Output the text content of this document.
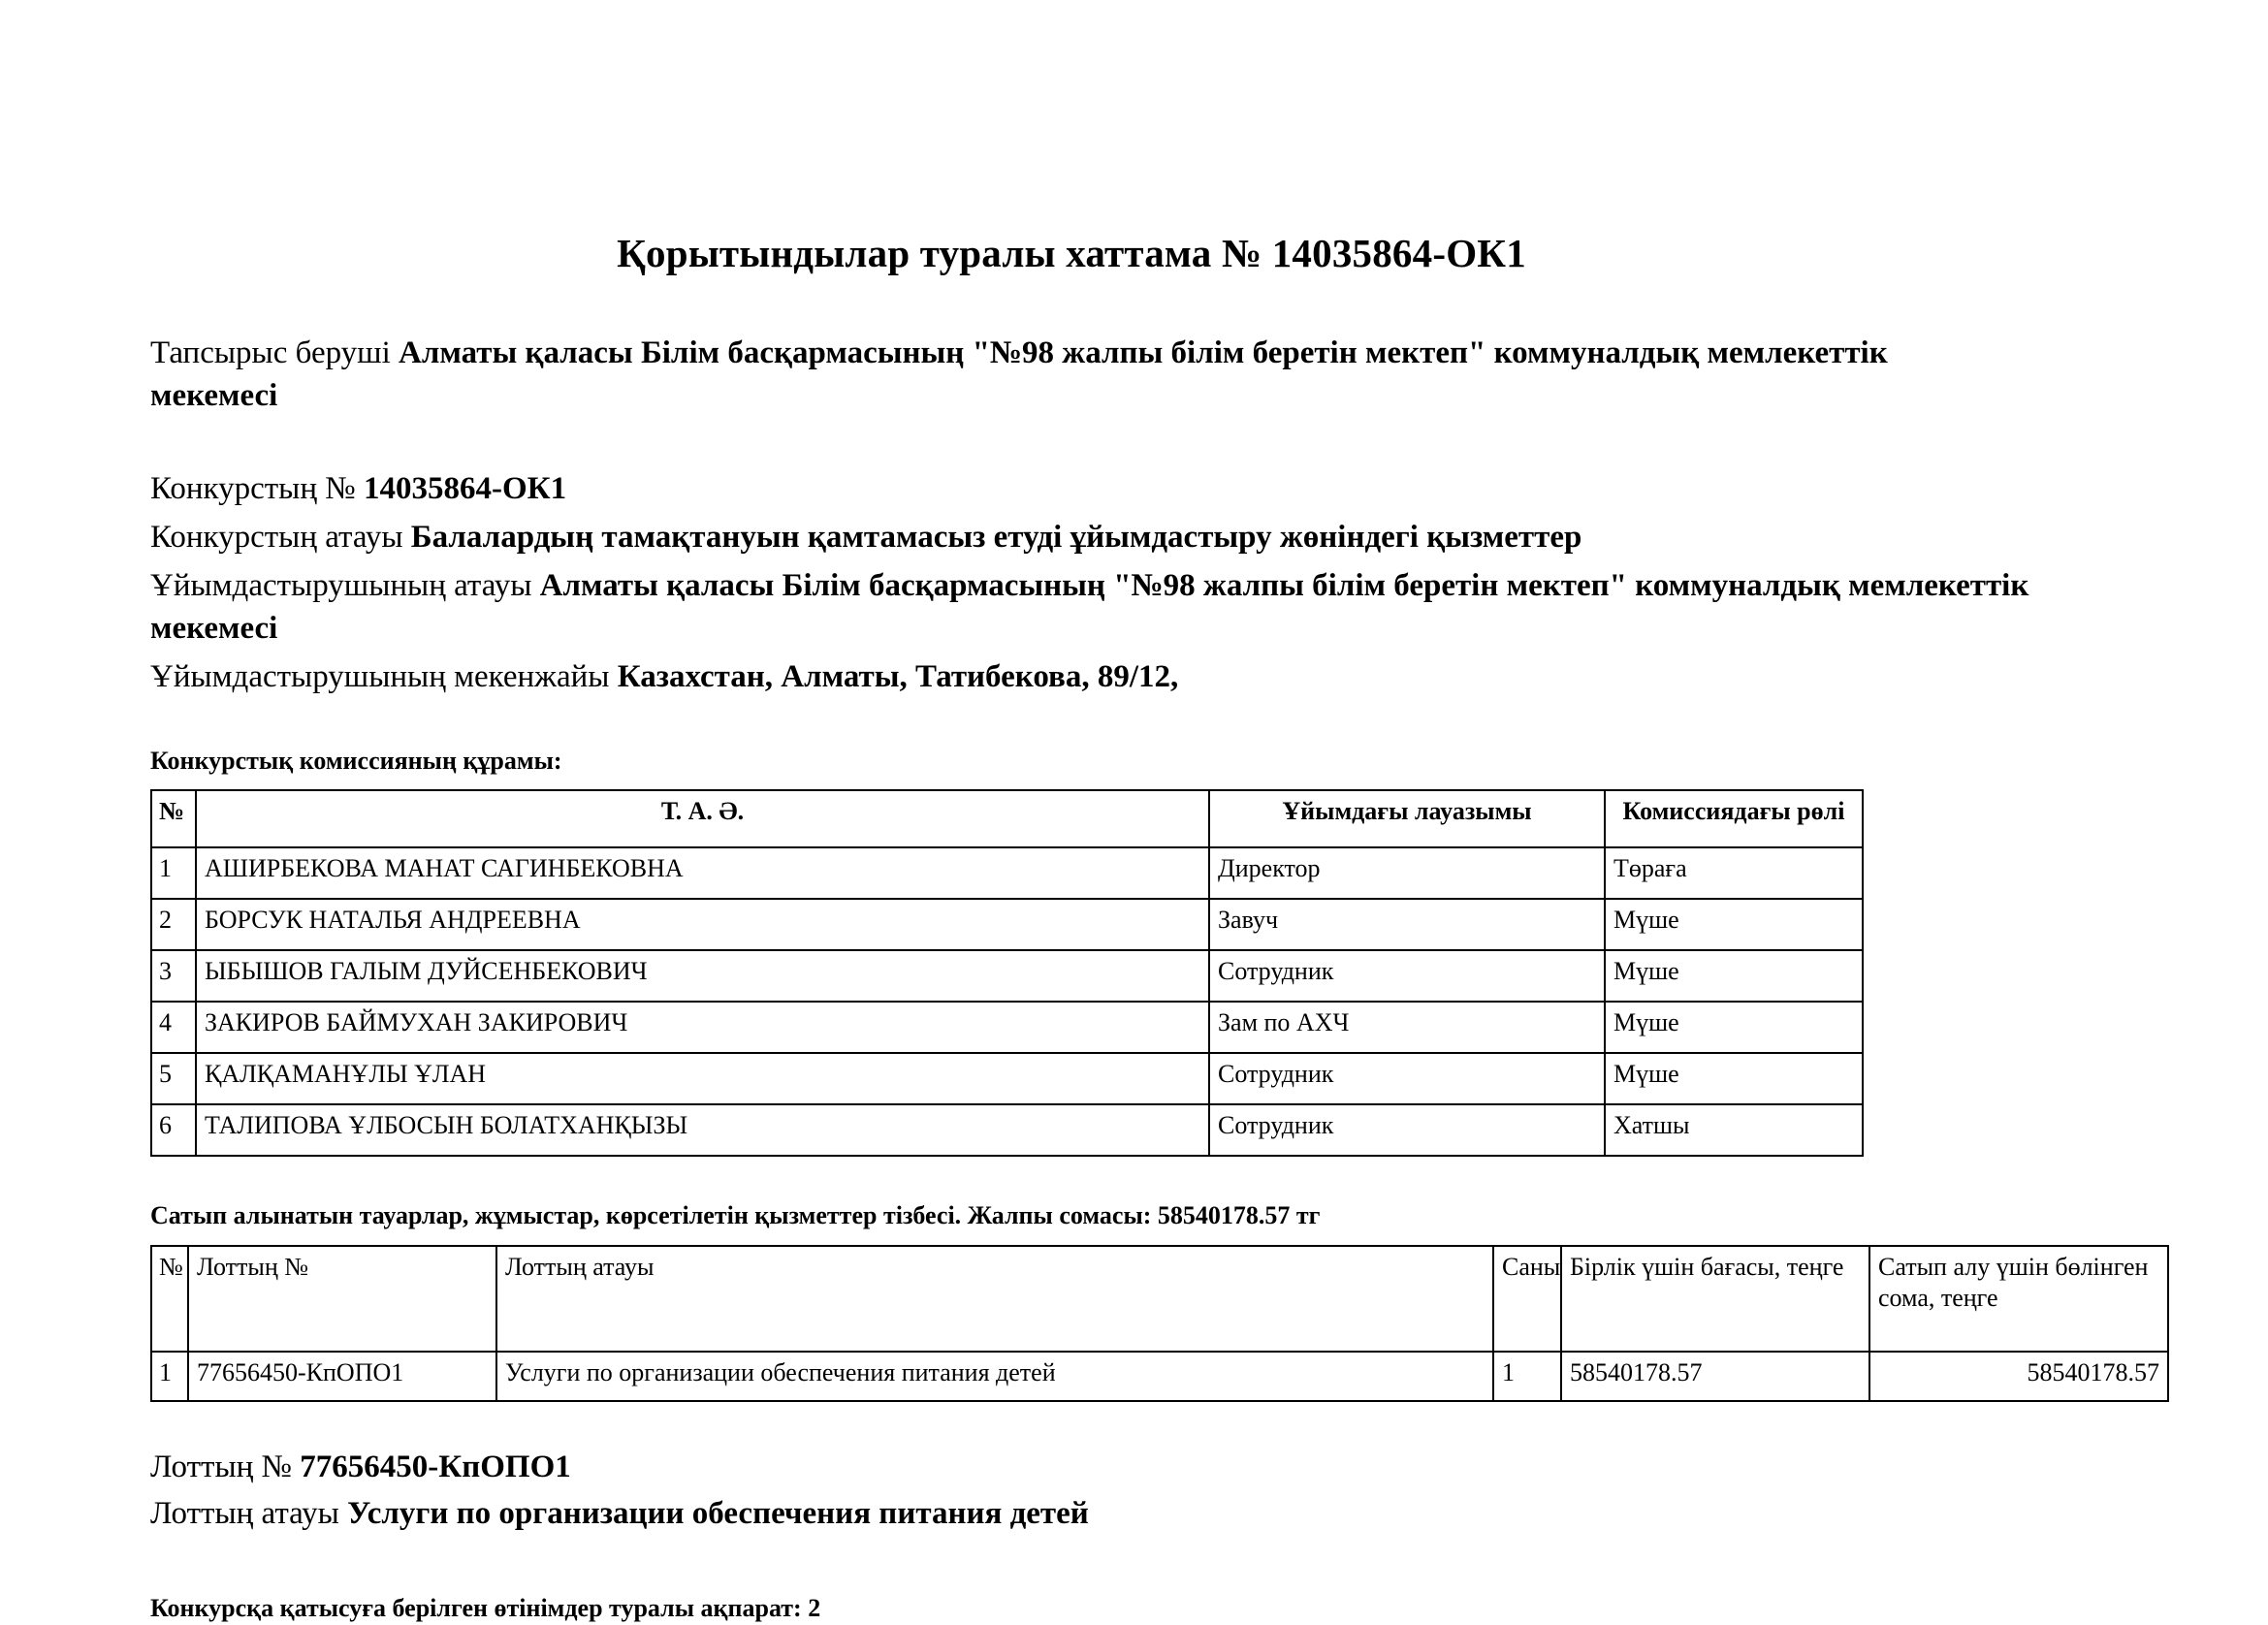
Қорытындылар туралы хаттама № 14035864-ОК1

Тапсырыс беруші Алматы қаласы Білім басқармасының "№98 жалпы білім беретін мектеп" коммуналдық мемлекеттік мекемесі

Конкурстың № 14035864-ОК1

Конкурстың атауы Балалардың тамақтануын қамтамасыз етуді ұйымдастыру жөніндегі қызметтер

Ұйымдастырушының атауы Алматы қаласы Білім басқармасының "№98 жалпы білім беретін мектеп" коммуналдық мемлекеттік мекемесі

Ұйымдастырушының мекенжайы Казахстан, Алматы, Татибекова, 89/12,

Конкурстық комиссияның құрамы:

№	Т. А. Ә.	Ұйымдағы лауазымы	Комиссиядағы рөлі
1	АШИРБЕКОВА МАНАТ САГИНБЕКОВНА	Директор	Төраға
2	БОРСУК НАТАЛЬЯ АНДРЕЕВНА	Завуч	Мүше
3	ЫБЫШОВ ГАЛЫМ ДУЙСЕНБЕКОВИЧ	Сотрудник	Мүше
4	ЗАКИРОВ БАЙМУХАН ЗАКИРОВИЧ	Зам по АХЧ	Мүше
5	ҚАЛҚАМАНҰЛЫ ҰЛАН	Сотрудник	Мүше
6	ТАЛИПОВА ҰЛБОСЫН БОЛАТХАНҚЫЗЫ	Сотрудник	Хатшы

Сатып алынатын тауарлар, жұмыстар, көрсетілетін қызметтер тізбесі. Жалпы сомасы: 58540178.57 тг

№	Лоттың №	Лоттың атауы	Саны	Бірлік үшін бағасы, теңге	Сатып алу үшін бөлінген сома, теңге
1	77656450-КпОПО1	Услуги по организации обеспечения питания детей	1	58540178.57	58540178.57

Лоттың № 77656450-КпОПО1

Лоттың атауы Услуги по организации обеспечения питания детей

Конкурсқа қатысуға берілген өтінімдер туралы ақпарат: 2
